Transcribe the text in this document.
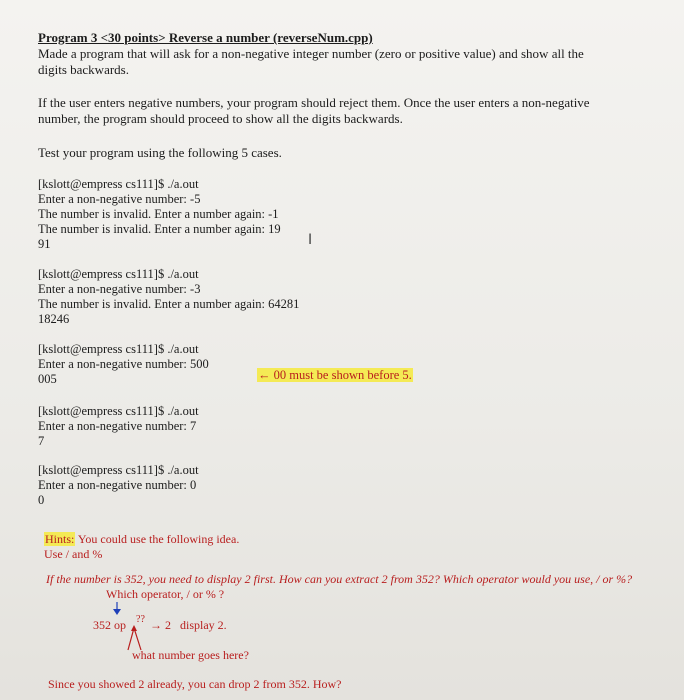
Program 3 <30 points> Reverse a number (reverseNum.cpp)
Made a program that will ask for a non-negative integer number (zero or positive value) and show all the
digits backwards.
If the user enters negative numbers, your program should reject them. Once the user enters a non-negative
number, the program should proceed to show all the digits backwards.
Test your program using the following 5 cases.
[kslott@empress cs111]$ ./a.out
Enter a non-negative number: -5
The number is invalid. Enter a number again: -1
The number is invalid. Enter a number again: 19
91	I
[kslott@empress cs111]$ ./a.out
Enter a non-negative number: -3
The number is invalid. Enter a number again: 64281
18246
[kslott@empress cs111]$ ./a.out
Enter a non-negative number: 500
005	← 00 must be shown before 5.
[kslott@empress cs111]$ ./a.out
Enter a non-negative number: 7
7
[kslott@empress cs111]$ ./a.out
Enter a non-negative number: 0
0
Hints: You could use the following idea.
Use / and %
If the number is 352, you need to display 2 first. How can you extract 2 from 352? Which operator would you use, / or %?
Which operator, / or % ?
352 op ?? → 2 display 2.
what number goes here?
Since you showed 2 already, you can drop 2 from 352. How?
